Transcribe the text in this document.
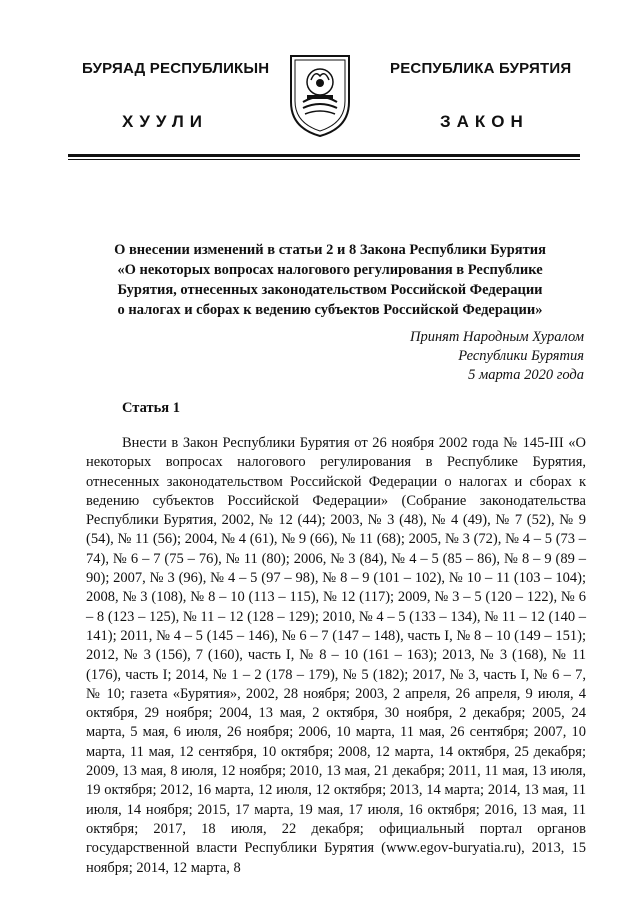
БУРЯАД РЕСПУБЛИКЫН
ХУУЛИ
РЕСПУБЛИКА БУРЯТИЯ
ЗАКОН
О внесении изменений в статьи 2 и 8 Закона Республики Бурятия
«О некоторых вопросах налогового регулирования в Республике
Бурятия, отнесенных законодательством Российской Федерации
о налогах и сборах к ведению субъектов Российской Федерации»
Принят Народным Хуралом
Республики Бурятия
5 марта 2020 года
Статья 1
Внести в Закон Республики Бурятия от 26 ноября 2002 года № 145-III «О некоторых вопросах налогового регулирования в Республике Бурятия, отнесенных законодательством Российской Федерации о налогах и сборах к ведению субъектов Российской Федерации» (Собрание законодательства Республики Бурятия, 2002, № 12 (44); 2003, № 3 (48), № 4 (49), № 7 (52), № 9 (54), № 11 (56); 2004, № 4 (61), № 9 (66), № 11 (68); 2005, № 3 (72), № 4 – 5 (73 – 74), № 6 – 7 (75 – 76), № 11 (80); 2006, № 3 (84), № 4 – 5 (85 – 86), № 8 – 9 (89 – 90); 2007, № 3 (96), № 4 – 5 (97 – 98), № 8 – 9 (101 – 102), № 10 – 11 (103 – 104); 2008, № 3 (108), № 8 – 10 (113 – 115), № 12 (117); 2009, № 3 – 5 (120 – 122), № 6 – 8 (123 – 125), № 11 – 12 (128 – 129); 2010, № 4 – 5 (133 – 134), № 11 – 12 (140 – 141); 2011, № 4 – 5 (145 – 146), № 6 – 7 (147 – 148), часть I, № 8 – 10 (149 – 151); 2012, № 3 (156), 7 (160), часть I, № 8 – 10 (161 – 163); 2013, № 3 (168), № 11 (176), часть I; 2014, № 1 – 2 (178 – 179), № 5 (182); 2017, № 3, часть I, № 6 – 7, № 10; газета «Бурятия», 2002, 28 ноября; 2003, 2 апреля, 26 апреля, 9 июля, 4 октября, 29 ноября; 2004, 13 мая, 2 октября, 30 ноября, 2 декабря; 2005, 24 марта, 5 мая, 6 июля, 26 ноября; 2006, 10 марта, 11 мая, 26 сентября; 2007, 10 марта, 11 мая, 12 сентября, 10 октября; 2008, 12 марта, 14 октября, 25 декабря; 2009, 13 мая, 8 июля, 12 ноября; 2010, 13 мая, 21 декабря; 2011, 11 мая, 13 июля, 19 октября; 2012, 16 марта, 12 июля, 12 октября; 2013, 14 марта; 2014, 13 мая, 11 июля, 14 ноября; 2015, 17 марта, 19 мая, 17 июля, 16 октября; 2016, 13 мая, 11 октября; 2017, 18 июля, 22 декабря; официальный портал органов государственной власти Республики Бурятия (www.egov-buryatia.ru), 2013, 15 ноября; 2014, 12 марта, 8
